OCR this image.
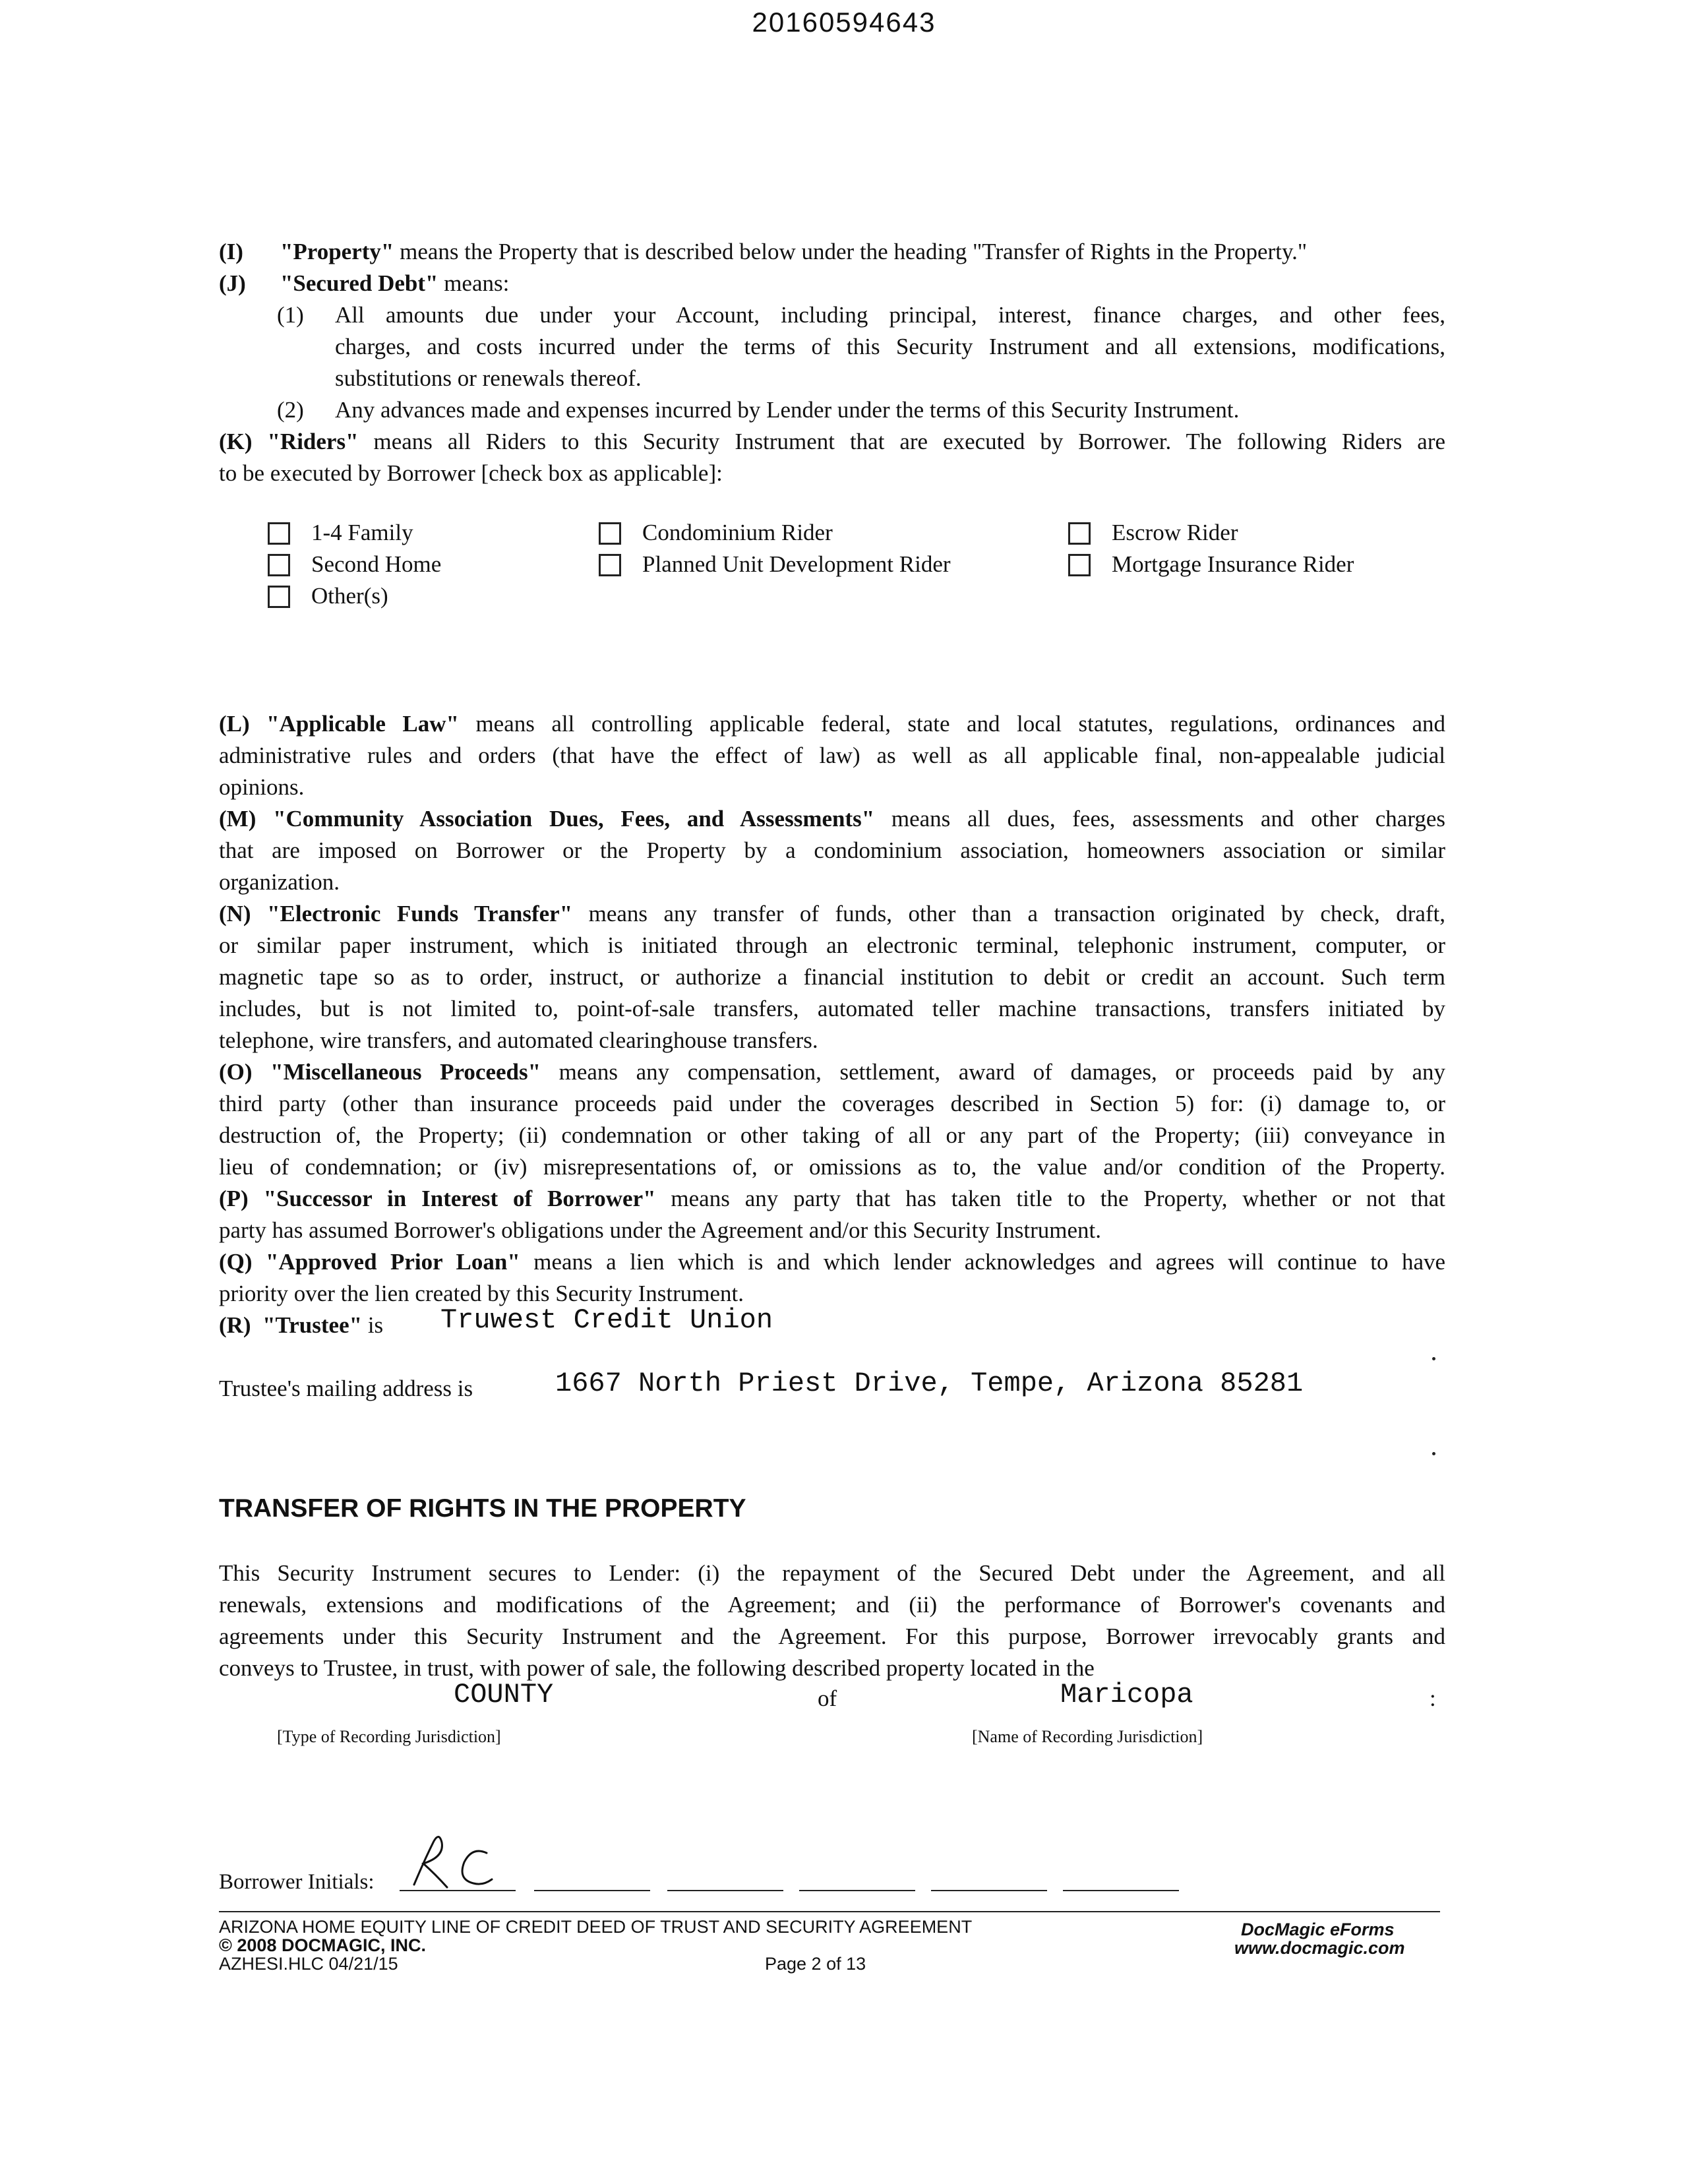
20160594643
(I) "Property" means the Property that is described below under the heading "Transfer of Rights in the Property."
(J) "Secured Debt" means:
(1)	All amounts due under your Account, including principal, interest, finance charges, and other fees,
charges, and costs incurred under the terms of this Security Instrument and all extensions, modifications,
substitutions or renewals thereof.
(2) Any advances made and expenses incurred by Lender under the terms of this Security Instrument.
(K) "Riders" means all Riders to this Security Instrument that are executed by Borrower. The following Riders are
to be executed by Borrower [check box as applicable]:
1-4 Family	Condominium Rider	Escrow Rider
Second Home	Planned Unit Development Rider	Mortgage Insurance Rider
Other(s)
(L) "Applicable Law" means all controlling applicable federal, state and local statutes, regulations, ordinances and
administrative rules and orders (that have the effect of law) as well as all applicable final, non-appealable judicial
opinions.
(M) "Community Association Dues, Fees, and Assessments" means all dues, fees, assessments and other charges
that are imposed on Borrower or the Property by a condominium association, homeowners association or similar
organization.
(N) "Electronic Funds Transfer" means any transfer of funds, other than a transaction originated by check, draft,
or similar paper instrument, which is initiated through an electronic terminal, telephonic instrument, computer, or
magnetic tape so as to order, instruct, or authorize a financial institution to debit or credit an account. Such term
includes, but is not limited to, point-of-sale transfers, automated teller machine transactions, transfers initiated by
telephone, wire transfers, and automated clearinghouse transfers.
(O) "Miscellaneous Proceeds" means any compensation, settlement, award of damages, or proceeds paid by any
third party (other than insurance proceeds paid under the coverages described in Section 5) for: (i) damage to, or
destruction of, the Property; (ii) condemnation or other taking of all or any part of the Property; (iii) conveyance in
lieu of condemnation; or (iv) misrepresentations of, or omissions as to, the value and/or condition of the Property.
(P) "Successor in Interest of Borrower" means any party that has taken title to the Property, whether or not that
party has assumed Borrower's obligations under the Agreement and/or this Security Instrument.
(Q) "Approved Prior Loan" means a lien which is and which lender acknowledges and agrees will continue to have
priority over the lien created by this Security Instrument.
(R) "Trustee" is Truwest Credit Union
Trustee's mailing address is	1667 North Priest Drive, Tempe, Arizona 85281
TRANSFER OF RIGHTS IN THE PROPERTY
This Security Instrument secures to Lender: (i) the repayment of the Secured Debt under the Agreement, and all
renewals, extensions and modifications of the Agreement; and (ii) the performance of Borrower's covenants and
agreements under this Security Instrument and the Agreement. For this purpose, Borrower irrevocably grants and
conveys to Trustee, in trust, with power of sale, the following described property located in the
COUNTY	of	Maricopa	:
[Type of Recording Jurisdiction]	[Name of Recording Jurisdiction]
Borrower Initials:
ARIZONA HOME EQUITY LINE OF CREDIT DEED OF TRUST AND SECURITY AGREEMENT
© 2008 DOCMAGIC, INC.
AZHESI.HLC 04/21/15	Page 2 of 13
DocMagic eForms
www.docmagic.com
